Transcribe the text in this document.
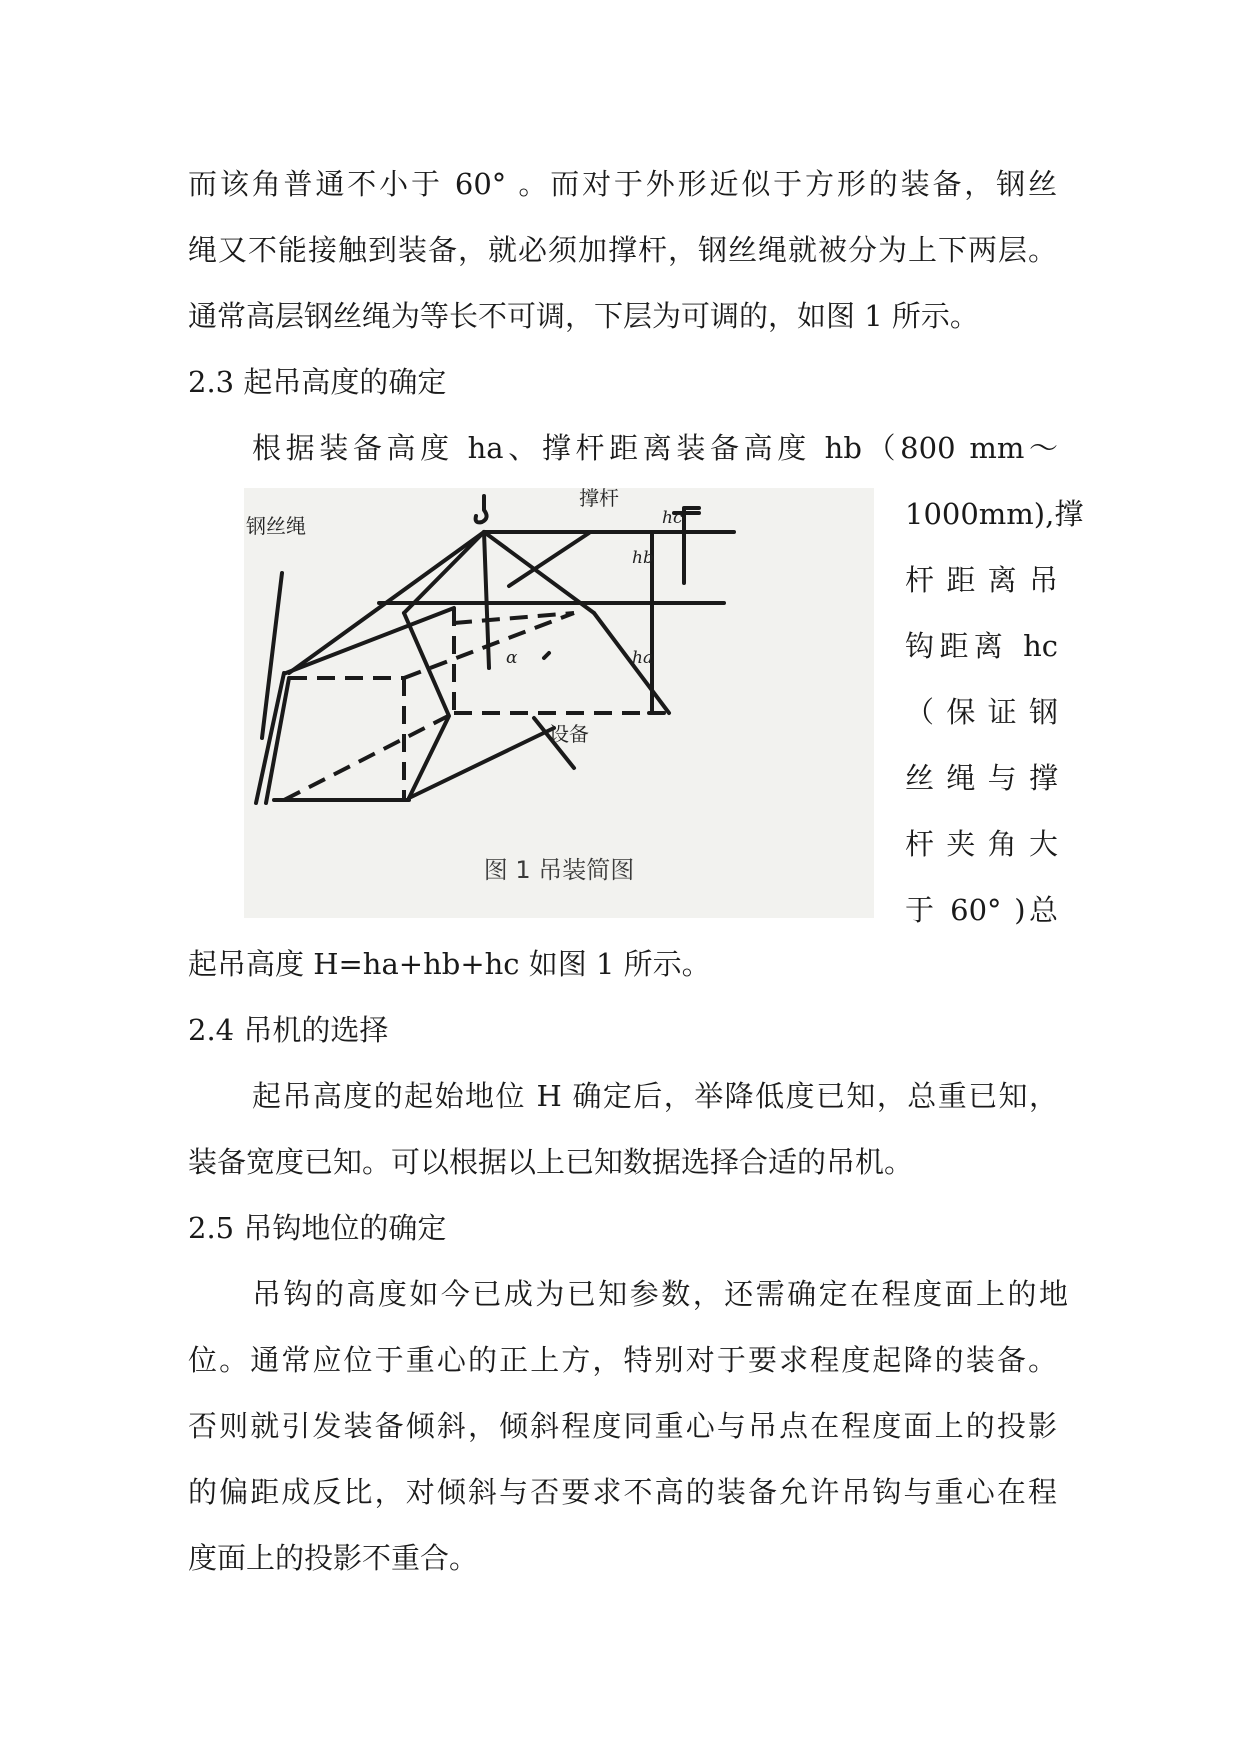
而该角普通不小于 60° 。而对于外形近似于方形的装备，钢丝
绳又不能接触到装备，就必须加撑杆，钢丝绳就被分为上下两层。
通常高层钢丝绳为等长不可调，下层为可调的，如图 1 所示。
2.3 起吊高度的确定
根据装备高度 ha、撑杆距离装备高度 hb（800 mm～
1000mm),撑
杆距离吊
钩距离 hc
（保证钢
丝绳与撑
杆夹角大
于 60° )总
钢丝绳
撑杆
设备
hc
hb
ha
α
图 1 吊装简图
起吊高度 H=ha+hb+hc 如图 1 所示。
2.4 吊机的选择
起吊高度的起始地位 H 确定后，举降低度已知，总重已知，
装备宽度已知。可以根据以上已知数据选择合适的吊机。
2.5 吊钩地位的确定
吊钩的高度如今已成为已知参数，还需确定在程度面上的地
位。通常应位于重心的正上方，特别对于要求程度起降的装备。
否则就引发装备倾斜，倾斜程度同重心与吊点在程度面上的投影
的偏距成反比，对倾斜与否要求不高的装备允许吊钩与重心在程
度面上的投影不重合。
